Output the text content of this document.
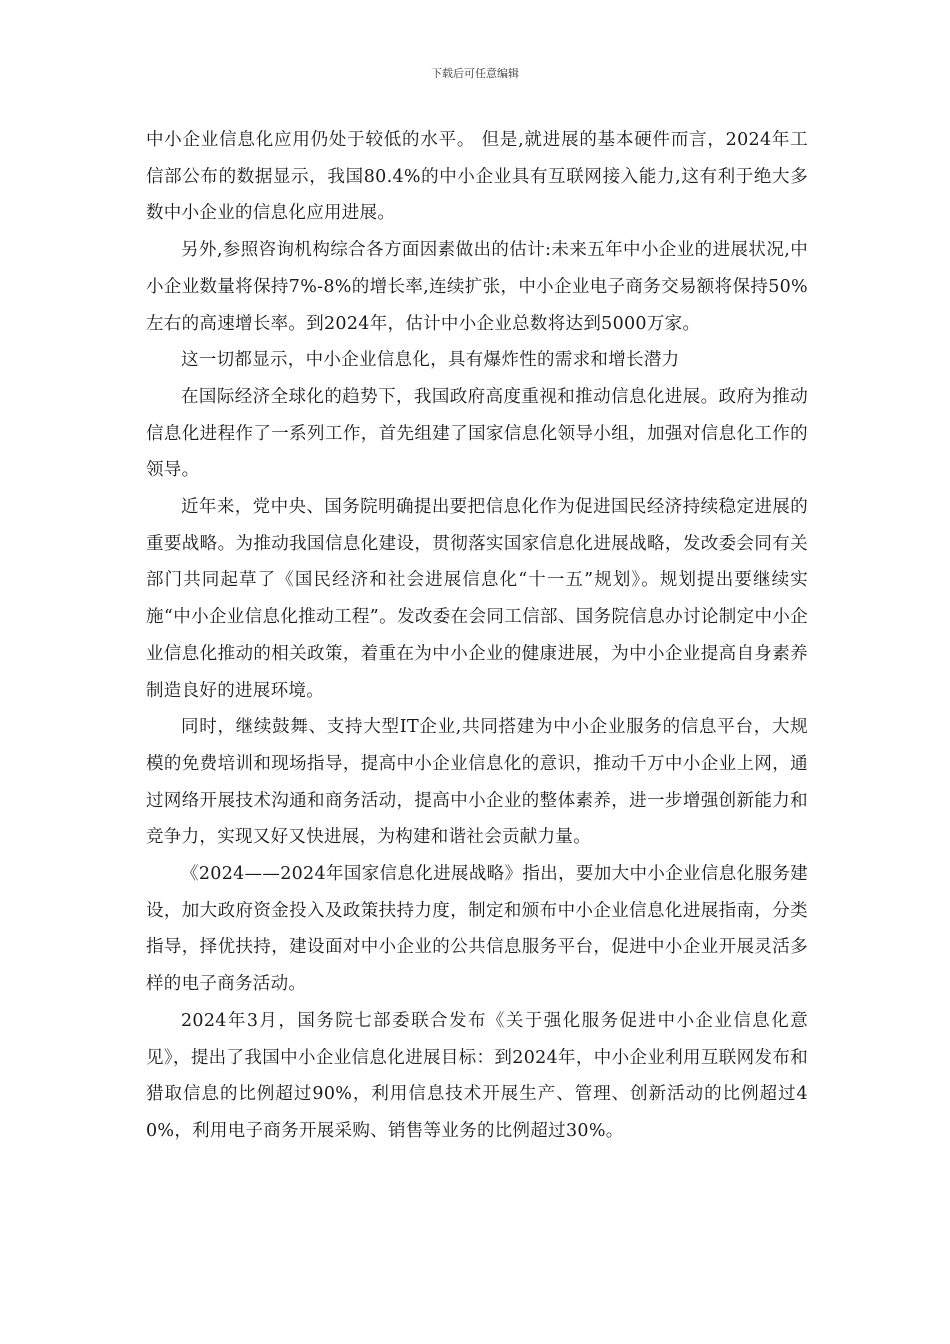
下载后可任意编辑

中小企业信息化应用仍处于较低的水平。 但是,就进展的基本硬件而言，2024年工信部公布的数据显示，我国80.4%的中小企业具有互联网接入能力,这有利于绝大多数中小企业的信息化应用进展。

另外,参照咨询机构综合各方面因素做出的估计:未来五年中小企业的进展状况,中小企业数量将保持7%-8%的增长率,连续扩张，中小企业电子商务交易额将保持50%左右的高速增长率。到2024年，估计中小企业总数将达到5000万家。

这一切都显示，中小企业信息化，具有爆炸性的需求和增长潜力

在国际经济全球化的趋势下，我国政府高度重视和推动信息化进展。政府为推动信息化进程作了一系列工作，首先组建了国家信息化领导小组，加强对信息化工作的领导。

近年来，党中央、国务院明确提出要把信息化作为促进国民经济持续稳定进展的重要战略。为推动我国信息化建设，贯彻落实国家信息化进展战略，发改委会同有关部门共同起草了《国民经济和社会进展信息化“十一五”规划》。规划提出要继续实施“中小企业信息化推动工程”。发改委在会同工信部、国务院信息办讨论制定中小企业信息化推动的相关政策，着重在为中小企业的健康进展，为中小企业提高自身素养制造良好的进展环境。

同时，继续鼓舞、支持大型IT企业,共同搭建为中小企业服务的信息平台，大规模的免费培训和现场指导，提高中小企业信息化的意识，推动千万中小企业上网，通过网络开展技术沟通和商务活动，提高中小企业的整体素养，进一步增强创新能力和竞争力，实现又好又快进展，为构建和谐社会贡献力量。

《2024——2024年国家信息化进展战略》指出，要加大中小企业信息化服务建设，加大政府资金投入及政策扶持力度，制定和颁布中小企业信息化进展指南，分类指导，择优扶持，建设面对中小企业的公共信息服务平台，促进中小企业开展灵活多样的电子商务活动。

2024年3月，国务院七部委联合发布《关于强化服务促进中小企业信息化意见》，提出了我国中小企业信息化进展目标：到2024年，中小企业利用互联网发布和猎取信息的比例超过90%，利用信息技术开展生产、管理、创新活动的比例超过40%，利用电子商务开展采购、销售等业务的比例超过30%。
